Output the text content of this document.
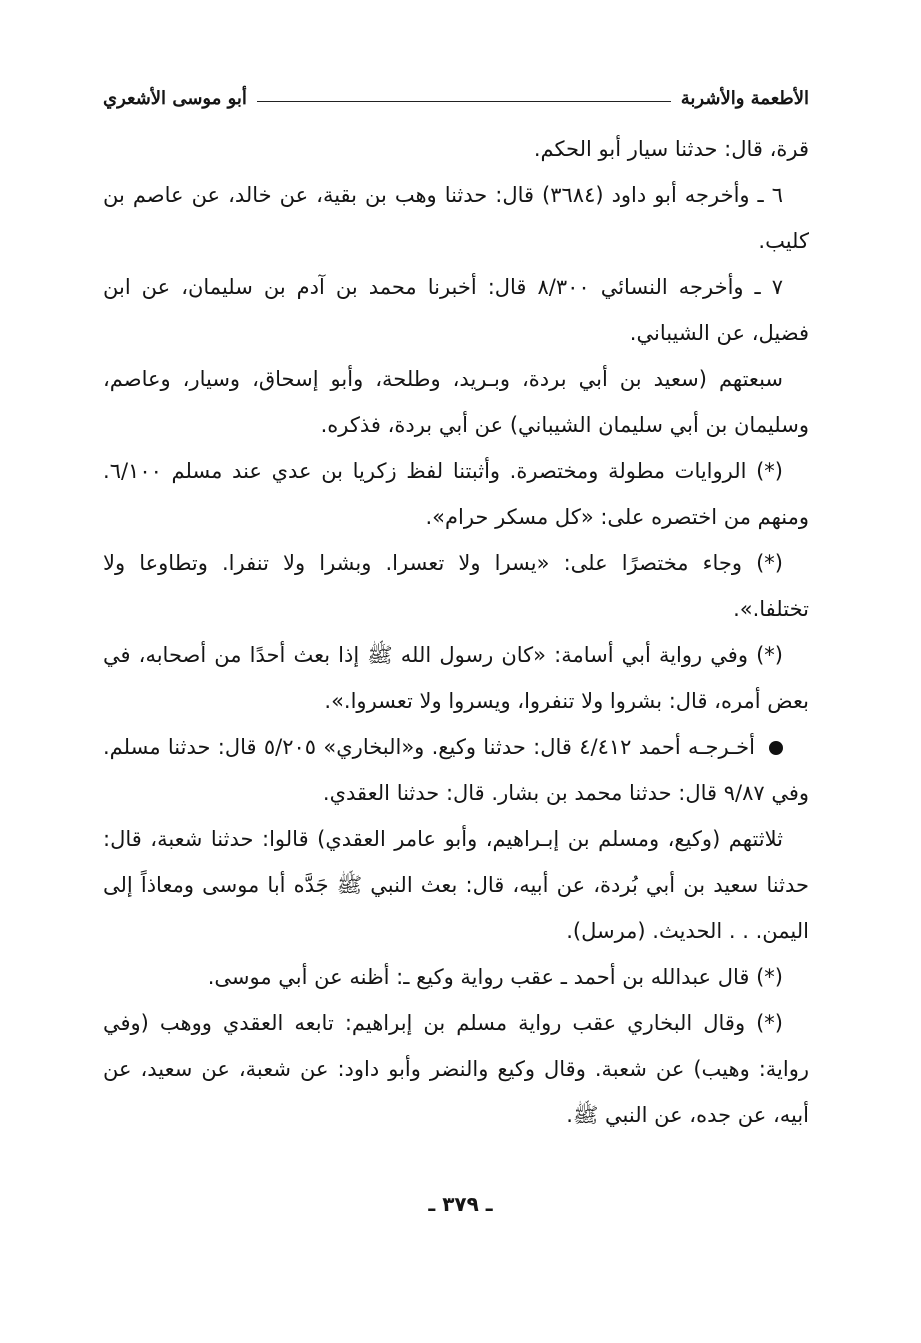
الأطعمة والأشربة
أبو موسى الأشعري

قرة، قال: حدثنا سيار أبو الحكم.

٦ ـ وأخرجه أبو داود (٣٦٨٤) قال: حدثنا وهب بن بقية، عن خالد، عن عاصم بن كليب.

٧ ـ وأخرجه النسائي ٨/٣٠٠ قال: أخبرنا محمد بن آدم بن سليمان، عن ابن فضيل، عن الشيباني.

سبعتهم (سعيد بن أبي بردة، وبـريد، وطلحة، وأبو إسحاق، وسيار، وعاصم، وسليمان بن أبي سليمان الشيباني) عن أبي بردة، فذكره.

(*) الروايات مطولة ومختصرة. وأثبتنا لفظ زكريا بن عدي عند مسلم ٦/١٠٠. ومنهم من اختصره على: «كل مسكر حرام».

(*) وجاء مختصرًا على: «يسرا ولا تعسرا. وبشرا ولا تنفرا. وتطاوعا ولا تختلفا.».

(*) وفي رواية أبي أسامة: «كان رسول الله ﷺ إذا بعث أحدًا من أصحابه، في بعض أمره، قال: بشروا ولا تنفروا، ويسروا ولا تعسروا.».

أخـرجـه أحمد ٤/٤١٢ قال: حدثنا وكيع. و«البخاري» ٥/٢٠٥ قال: حدثنا مسلم. وفي ٩/٨٧ قال: حدثنا محمد بن بشار. قال: حدثنا العقدي.

ثلاثتهم (وكيع، ومسلم بن إبـراهيم، وأبو عامر العقدي) قالوا: حدثنا شعبة، قال: حدثنا سعيد بن أبي بُردة، عن أبيه، قال: بعث النبي ﷺ جَدَّه أبا موسى ومعاذاً إلى اليمن. . . الحديث. (مرسل).

(*) قال عبدالله بن أحمد ـ عقب رواية وكيع ـ: أظنه عن أبي موسى.

(*) وقال البخاري عقب رواية مسلم بن إبراهيم: تابعه العقدي ووهب (وفي رواية: وهيب) عن شعبة. وقال وكيع والنضر وأبو داود: عن شعبة، عن سعيد، عن أبيه، عن جده، عن النبي ﷺ.

ـ ٣٧٩ ـ
